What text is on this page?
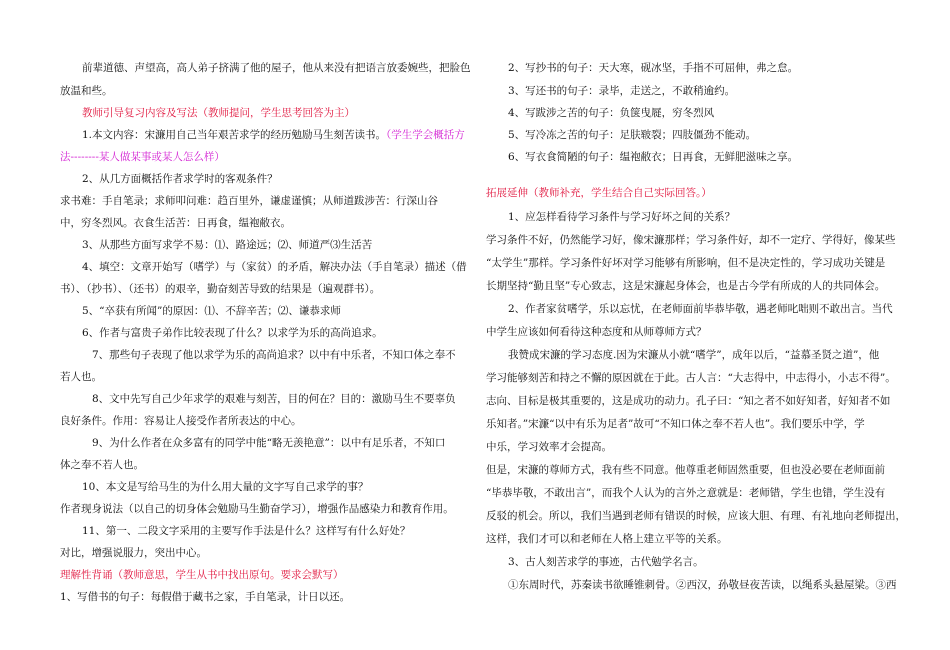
前辈道德、声望高，高人弟子挤满了他的屋子，他从来没有把语言放委婉些，把脸色
放温和些。
教师引导复习内容及写法（教师提问，学生思考回答为主）
1.本文内容：宋濂用自己当年艰苦求学的经历勉励马生刻苦读书。（学生学会概括方
法--------某人做某事或某人怎么样）
2、从几方面概括作者求学时的客观条件？
求书难：手自笔录；求师叩问难：趋百里外，谦虚谨慎；从师道跋涉苦：行深山谷
中，穷冬烈风。衣食生活苦：日再食，缊袍敝衣。
3、从那些方面写求学不易：⑴、路途远；⑵、师道严⑶生活苦
4、填空：文章开始写（嗜学）与（家贫）的矛盾，解决办法（手自笔录）描述（借
书）、（抄书）、（还书）的艰辛，勤奋刻苦导致的结果是（遍观群书）。
5、“卒获有所闻”的原因：⑴、不辞辛苦；⑵、谦恭求师
6、作者与富贵子弟作比较表现了什么？以求学为乐的高尚追求。
7、那些句子表现了他以求学为乐的高尚追求？以中有中乐者，不知口体之奉不
若人也。
8、文中先写自己少年求学的艰难与刻苦，目的何在？目的：激励马生不要辜负
良好条件。作用：容易让人接受作者所表达的中心。
9、为什么作者在众多富有的同学中能“略无羡艳意”：以中有足乐者，不知口
体之奉不若人也。
10、本文是写给马生的为什么用大量的文字写自己求学的事？
作者现身说法（以自己的切身体会勉励马生勤奋学习），增强作品感染力和教育作用。
11、第一、二段文字采用的主要写作手法是什么？这样写有什么好处？
对比，增强说服力，突出中心。
理解性背诵（教师意思，学生从书中找出原句。要求会默写）
1、写借书的句子：每假借于藏书之家，手自笔录，计日以还。
2、写抄书的句子：天大寒，砚冰坚，手指不可屈伸，弗之怠。
3、写还书的句子：录毕，走送之，不敢稍逾约。
4、写跋涉之苦的句子：负箧曳屣，穷冬烈风
5、写冷冻之苦的句子：足肤皲裂；四肢僵劲不能动。
6、写衣食简陋的句子：缊袍敝衣；日再食，无鲜肥滋味之享。
拓展延伸（教师补充，学生结合自己实际回答。）
1、应怎样看待学习条件与学习好坏之间的关系？
学习条件不好，仍然能学习好，像宋濂那样；学习条件好，却不一定疗、学得好，像某些
“太学生”那样。学习条件好坏对学习能够有所影响，但不是决定性的，学习成功关键是
长期坚持“勤且坚”专心致志，这是宋濂起身体会，也是古今学有所成的人的共同体会。
2、作者家贫嗜学，乐以忘忧，在老师面前毕恭毕敬，遇老师叱咄则不敢出言。当代
中学生应该如何看待这种态度和从师尊师方式？
我赞成宋濂的学习态度.因为宋濂从小就“嗜学”，成年以后，“益慕圣贤之道”，他
学习能够刻苦和持之不懈的原因就在于此。古人言：“大志得中，中志得小，小志不得”。
志向、目标是极其重要的，这是成功的动力。孔子曰：“知之者不如好知者，好知者不如
乐知者。”宋濂“以中有乐为足者”故可“不知口体之奉不若人也”。我们要乐中学，学
中乐，学习效率才会提高。
但是，宋濂的尊师方式，我有些不同意。他尊重老师固然重要，但也没必要在老师面前
“毕恭毕敬，不敢出言”，而我个人认为的言外之意就是：老师错，学生也错，学生没有
反驳的机会。所以，我们当遇到老师有错误的时候，应该大胆、有理、有礼地向老师提出，
这样，我们才可以和老师在人格上建立平等的关系。
3、古人刻苦求学的事迹，古代勉学名言。
①东周时代，苏秦读书欲睡锥刺骨。②西汉，孙敬昼夜苦读，以绳系头悬屋梁。③西
